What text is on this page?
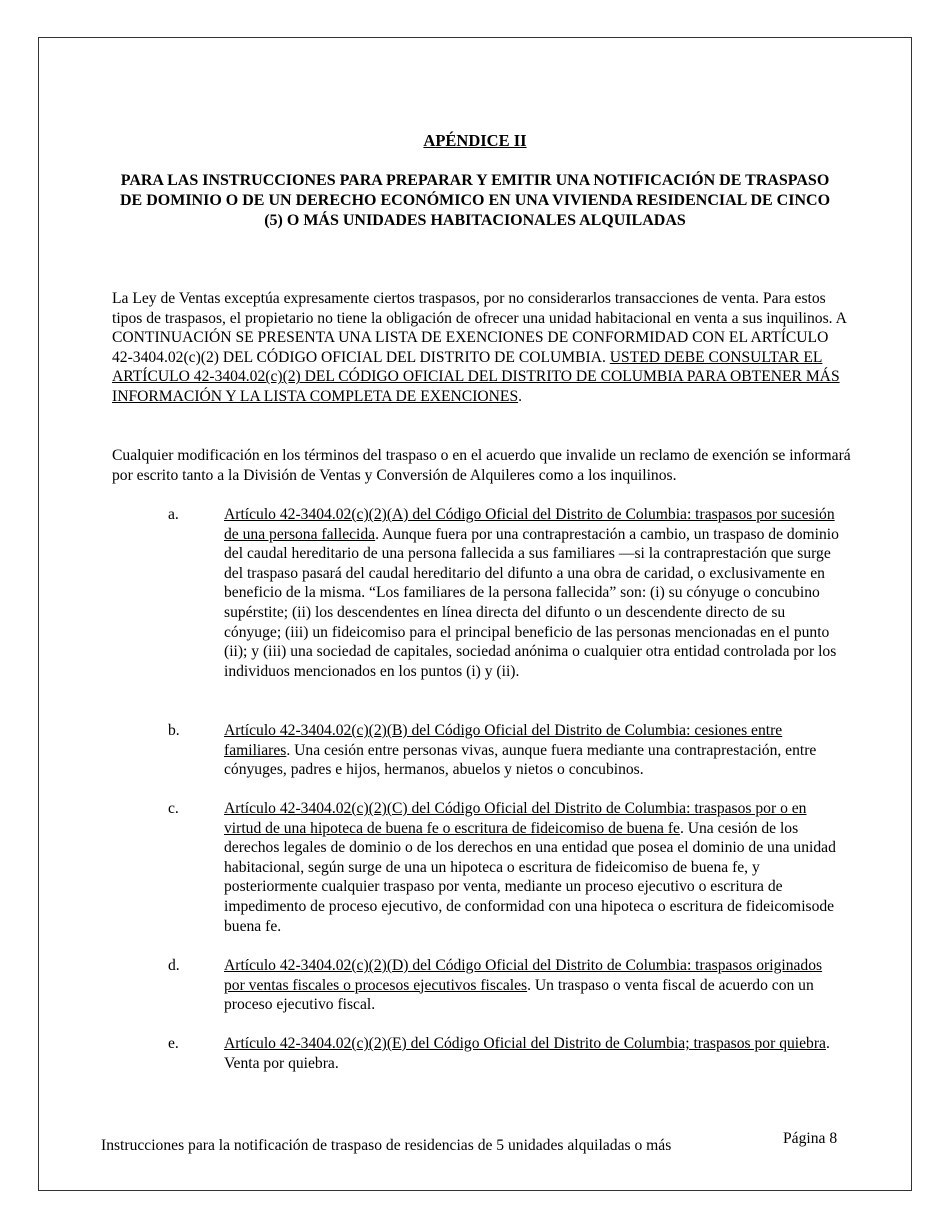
APÉNDICE II
PARA LAS INSTRUCCIONES PARA PREPARAR Y EMITIR UNA NOTIFICACIÓN DE TRASPASO DE DOMINIO O DE UN DERECHO ECONÓMICO EN UNA VIVIENDA RESIDENCIAL DE CINCO (5) O MÁS UNIDADES HABITACIONALES ALQUILADAS
La Ley de Ventas exceptúa expresamente ciertos traspasos, por no considerarlos transacciones de venta. Para estos tipos de traspasos, el propietario no tiene la obligación de ofrecer una unidad habitacional en venta a sus inquilinos. A CONTINUACIÓN SE PRESENTA UNA LISTA DE EXENCIONES DE CONFORMIDAD CON EL ARTÍCULO 42-3404.02(c)(2) DEL CÓDIGO OFICIAL DEL DISTRITO DE COLUMBIA. USTED DEBE CONSULTAR EL ARTÍCULO 42-3404.02(c)(2) DEL CÓDIGO OFICIAL DEL DISTRITO DE COLUMBIA PARA OBTENER MÁS INFORMACIÓN Y LA LISTA COMPLETA DE EXENCIONES.
Cualquier modificación en los términos del traspaso o en el acuerdo que invalide un reclamo de exención se informará por escrito tanto a la División de Ventas y Conversión de Alquileres como a los inquilinos.
a.	Artículo 42-3404.02(c)(2)(A) del Código Oficial del Distrito de Columbia: traspasos por sucesión de una persona fallecida. Aunque fuera por una contraprestación a cambio, un traspaso de dominio del caudal hereditario de una persona fallecida a sus familiares —si la contraprestación que surge del traspaso pasará del caudal hereditario del difunto a una obra de caridad, o exclusivamente en beneficio de la misma. “Los familiares de la persona fallecida” son: (i) su cónyuge o concubino supérstite; (ii) los descendentes en línea directa del difunto o un descendente directo de su cónyuge; (iii) un fideicomiso para el principal beneficio de las personas mencionadas en el punto (ii); y (iii) una sociedad de capitales, sociedad anónima o cualquier otra entidad controlada por los individuos mencionados en los puntos (i) y (ii).
b.	Artículo 42-3404.02(c)(2)(B) del Código Oficial del Distrito de Columbia: cesiones entre familiares. Una cesión entre personas vivas, aunque fuera mediante una contraprestación, entre cónyuges, padres e hijos, hermanos, abuelos y nietos o concubinos.
c.	Artículo 42-3404.02(c)(2)(C) del Código Oficial del Distrito de Columbia: traspasos por o en virtud de una hipoteca de buena fe o escritura de fideicomiso de buena fe. Una cesión de los derechos legales de dominio o de los derechos en una entidad que posea el dominio de una unidad habitacional, según surge de una un hipoteca o escritura de fideicomiso de buena fe, y posteriormente cualquier traspaso por venta, mediante un proceso ejecutivo o escritura de impedimento de proceso ejecutivo, de conformidad con una hipoteca o escritura de fideicomisode buena fe.
d.	Artículo 42-3404.02(c)(2)(D) del Código Oficial del Distrito de Columbia: traspasos originados por ventas fiscales o procesos ejecutivos fiscales. Un traspaso o venta fiscal de acuerdo con un proceso ejecutivo fiscal.
e.	Artículo 42-3404.02(c)(2)(E) del Código Oficial del Distrito de Columbia; traspasos por quiebra. Venta por quiebra.
Instrucciones para la notificación de traspaso de residencias de 5 unidades alquiladas o más	Página 8
